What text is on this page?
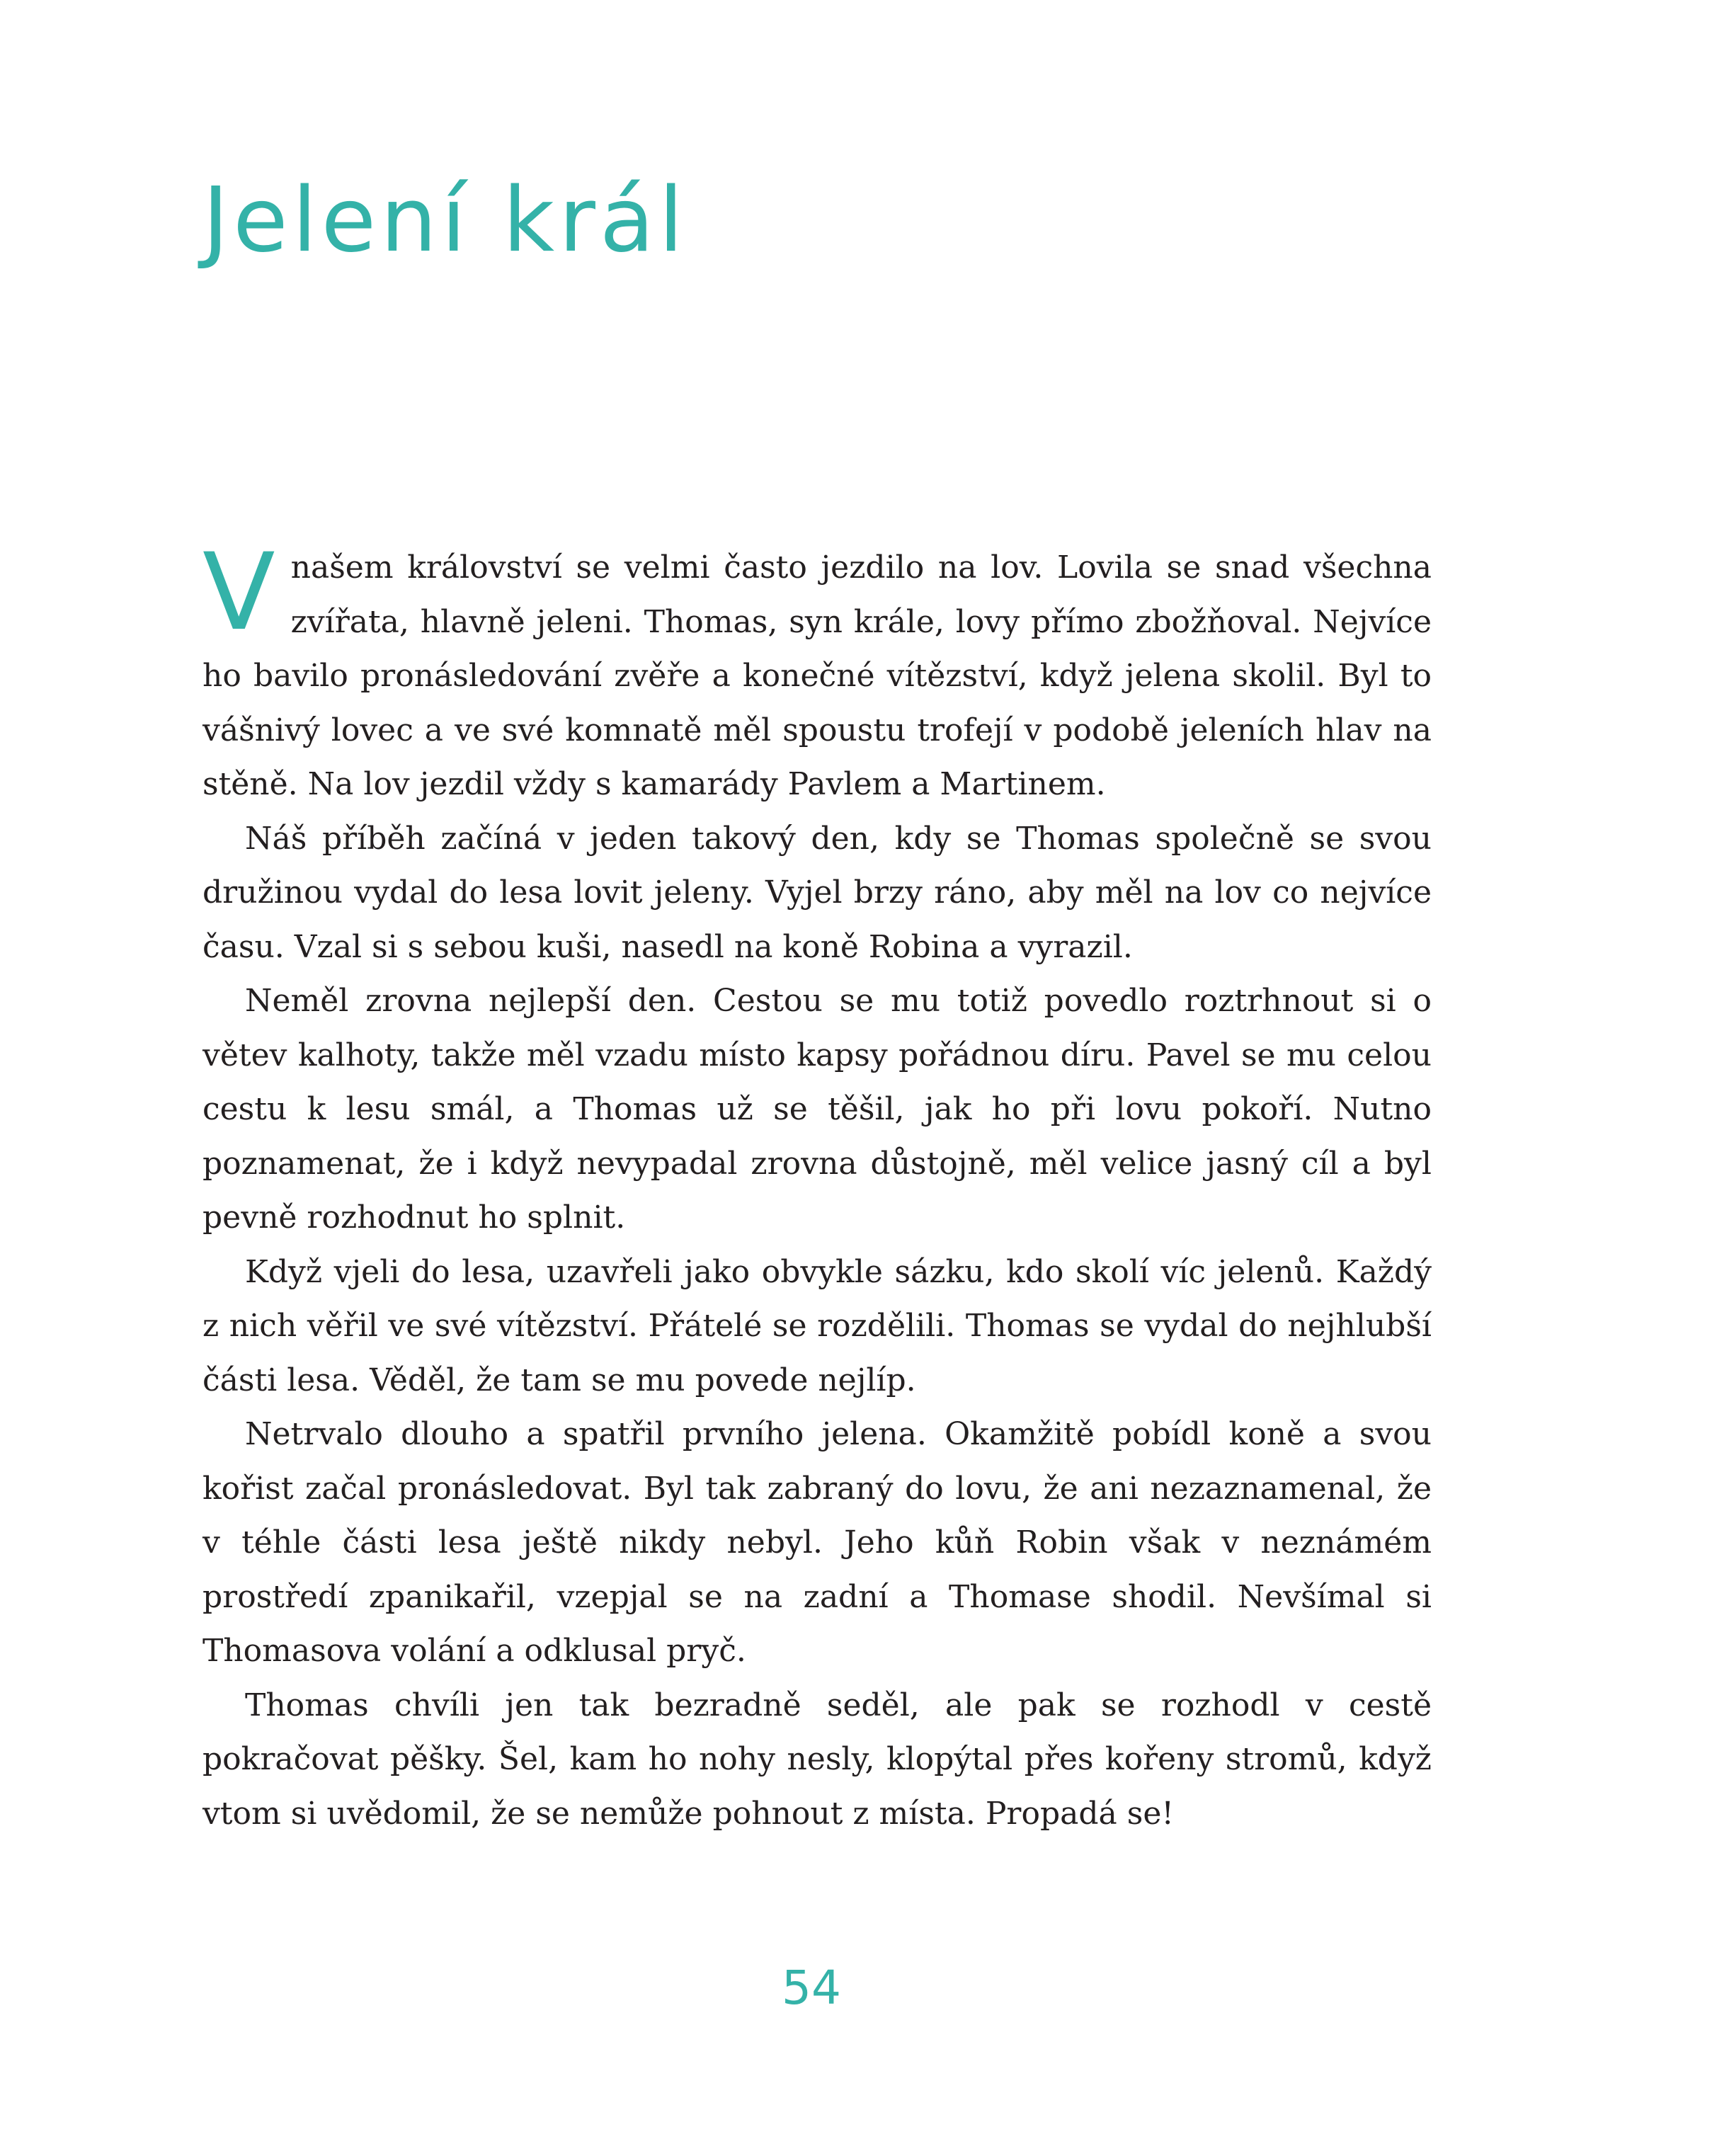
Jelení král

V našem království se velmi často jezdilo na lov. Lovila se snad všechna zvířata, hlavně jeleni. Thomas, syn krále, lovy přímo zbožňoval. Nejvíce ho bavilo pronásledování zvěře a konečné vítězství, když jelena skolil. Byl to vášnivý lovec a ve své komnatě měl spoustu trofejí v podobě jeleních hlav na stěně. Na lov jezdil vždy s kamarády Pavlem a Martinem.

Náš příběh začíná v jeden takový den, kdy se Thomas společně se svou družinou vydal do lesa lovit jeleny. Vyjel brzy ráno, aby měl na lov co nejvíce času. Vzal si s sebou kuši, nasedl na koně Robina a vyrazil.

Neměl zrovna nejlepší den. Cestou se mu totiž povedlo roztrhnout si o větev kalhoty, takže měl vzadu místo kapsy pořádnou díru. Pavel se mu celou cestu k lesu smál, a Thomas už se těšil, jak ho při lovu pokoří. Nutno poznamenat, že i když nevypadal zrovna důstojně, měl velice jasný cíl a byl pevně rozhodnut ho splnit.

Když vjeli do lesa, uzavřeli jako obvykle sázku, kdo skolí víc jelenů. Každý z nich věřil ve své vítězství. Přátelé se rozdělili. Thomas se vydal do nejhlubší části lesa. Věděl, že tam se mu povede nejlíp.

Netrvalo dlouho a spatřil prvního jelena. Okamžitě pobídl koně a svou kořist začal pronásledovat. Byl tak zabraný do lovu, že ani nezaznamenal, že v téhle části lesa ještě nikdy nebyl. Jeho kůň Robin však v neznámém prostředí zpanikařil, vzepjal se na zadní a Thomase shodil. Nevšímal si Thomasova volání a odklusal pryč.

Thomas chvíli jen tak bezradně seděl, ale pak se rozhodl v cestě pokračovat pěšky. Šel, kam ho nohy nesly, klopýtal přes kořeny stromů, když vtom si uvědomil, že se nemůže pohnout z místa. Propadá se!

54
